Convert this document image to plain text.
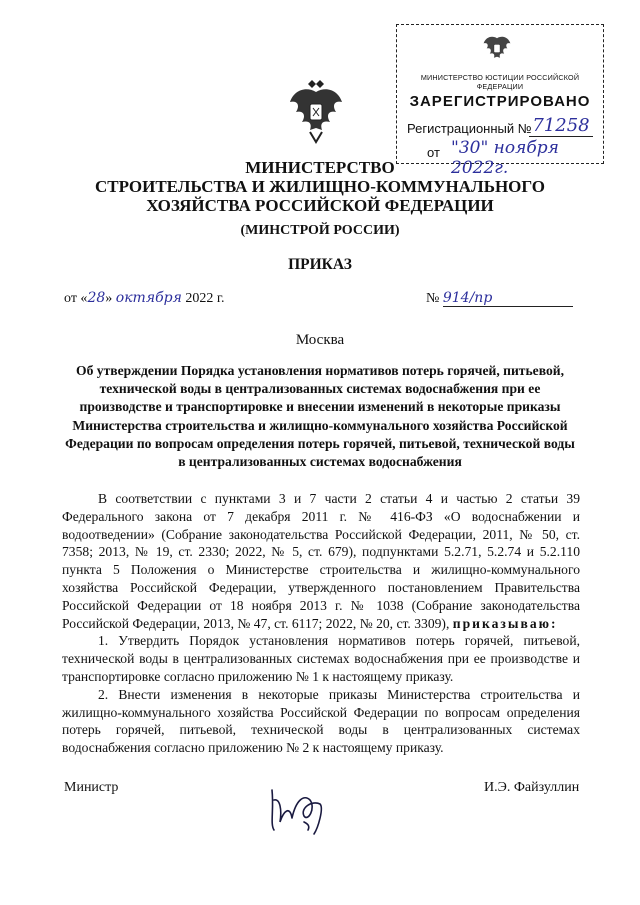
МИНИСТЕРСТВО ЮСТИЦИИ РОССИЙСКОЙ ФЕДЕРАЦИИ
ЗАРЕГИСТРИРОВАНО
Регистрационный № 71258
от "30" ноября 2022г.
МИНИСТЕРСТВО
СТРОИТЕЛЬСТВА И ЖИЛИЩНО-КОММУНАЛЬНОГО
ХОЗЯЙСТВА РОССИЙСКОЙ ФЕДЕРАЦИИ
(МИНСТРОЙ РОССИИ)
ПРИКАЗ
от «28» октября 2022 г.	№ 914/пр
Москва
Об утверждении Порядка установления нормативов потерь горячей, питьевой, технической воды в централизованных системах водоснабжения при ее производстве и транспортировке и внесении изменений в некоторые приказы Министерства строительства и жилищно-коммунального хозяйства Российской Федерации по вопросам определения потерь горячей, питьевой, технической воды в централизованных системах водоснабжения

В соответствии с пунктами 3 и 7 части 2 статьи 4 и частью 2 статьи 39 Федерального закона от 7 декабря 2011 г. № 416-ФЗ «О водоснабжении и водоотведении» (Собрание законодательства Российской Федерации, 2011, № 50, ст. 7358; 2013, № 19, ст. 2330; 2022, № 5, ст. 679), подпунктами 5.2.71, 5.2.74 и 5.2.110 пункта 5 Положения о Министерстве строительства и жилищно-коммунального хозяйства Российской Федерации, утвержденного постановлением Правительства Российской Федерации от 18 ноября 2013 г. № 1038 (Собрание законодательства Российской Федерации, 2013, № 47, ст. 6117; 2022, № 20, ст. 3309), приказываю:

1. Утвердить Порядок установления нормативов потерь горячей, питьевой, технической воды в централизованных системах водоснабжения при ее производстве и транспортировке согласно приложению № 1 к настоящему приказу.

2. Внести изменения в некоторые приказы Министерства строительства и жилищно-коммунального хозяйства Российской Федерации по вопросам определения потерь горячей, питьевой, технической воды в централизованных системах водоснабжения согласно приложению № 2 к настоящему приказу.

Министр	И.Э. Файзуллин
